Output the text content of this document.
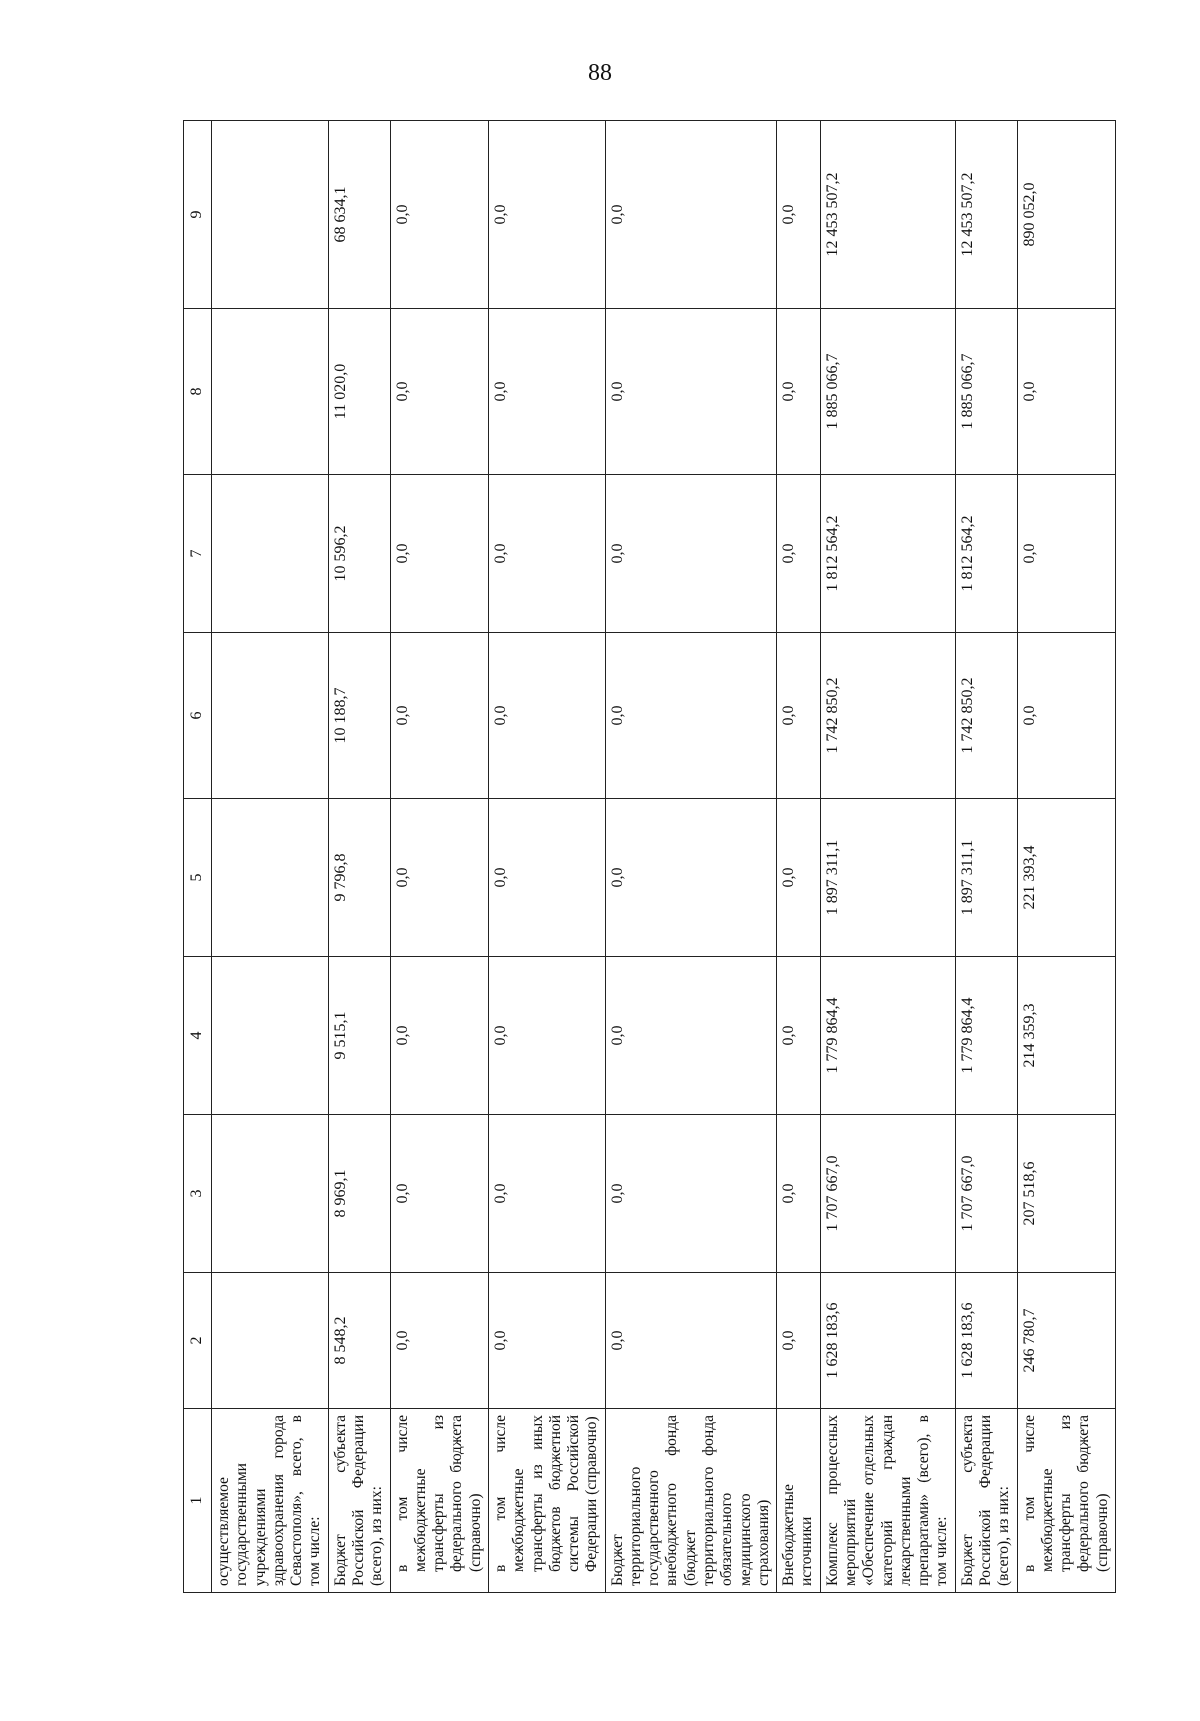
88
1	2	3	4	5	6	7	8	9
осуществляемое государственными учреждениями здравоохранения города Севастополя», всего, в том числе:								
Бюджет субъекта Российской Федерации (всего), из них:	8 548,2	8 969,1	9 515,1	9 796,8	10 188,7	10 596,2	11 020,0	68 634,1
в том числе межбюджетные трансферты из федерального бюджета (справочно)	0,0	0,0	0,0	0,0	0,0	0,0	0,0	0,0
в том числе межбюджетные трансферты из иных бюджетов бюджетной системы Российской Федерации (справочно)	0,0	0,0	0,0	0,0	0,0	0,0	0,0	0,0
Бюджет территориального государственного внебюджетного фонда (бюджет территориального фонда обязательного медицинского страхования)	0,0	0,0	0,0	0,0	0,0	0,0	0,0	0,0
Внебюджетные источники	0,0	0,0	0,0	0,0	0,0	0,0	0,0	0,0
Комплекс процессных мероприятий «Обеспечение отдельных категорий граждан лекарственными препаратами» (всего), в том числе:	1 628 183,6	1 707 667,0	1 779 864,4	1 897 311,1	1 742 850,2	1 812 564,2	1 885 066,7	12 453 507,2
Бюджет субъекта Российской Федерации (всего), из них:	1 628 183,6	1 707 667,0	1 779 864,4	1 897 311,1	1 742 850,2	1 812 564,2	1 885 066,7	12 453 507,2
в том числе межбюджетные трансферты из федерального бюджета (справочно)	246 780,7	207 518,6	214 359,3	221 393,4	0,0	0,0	0,0	890 052,0
